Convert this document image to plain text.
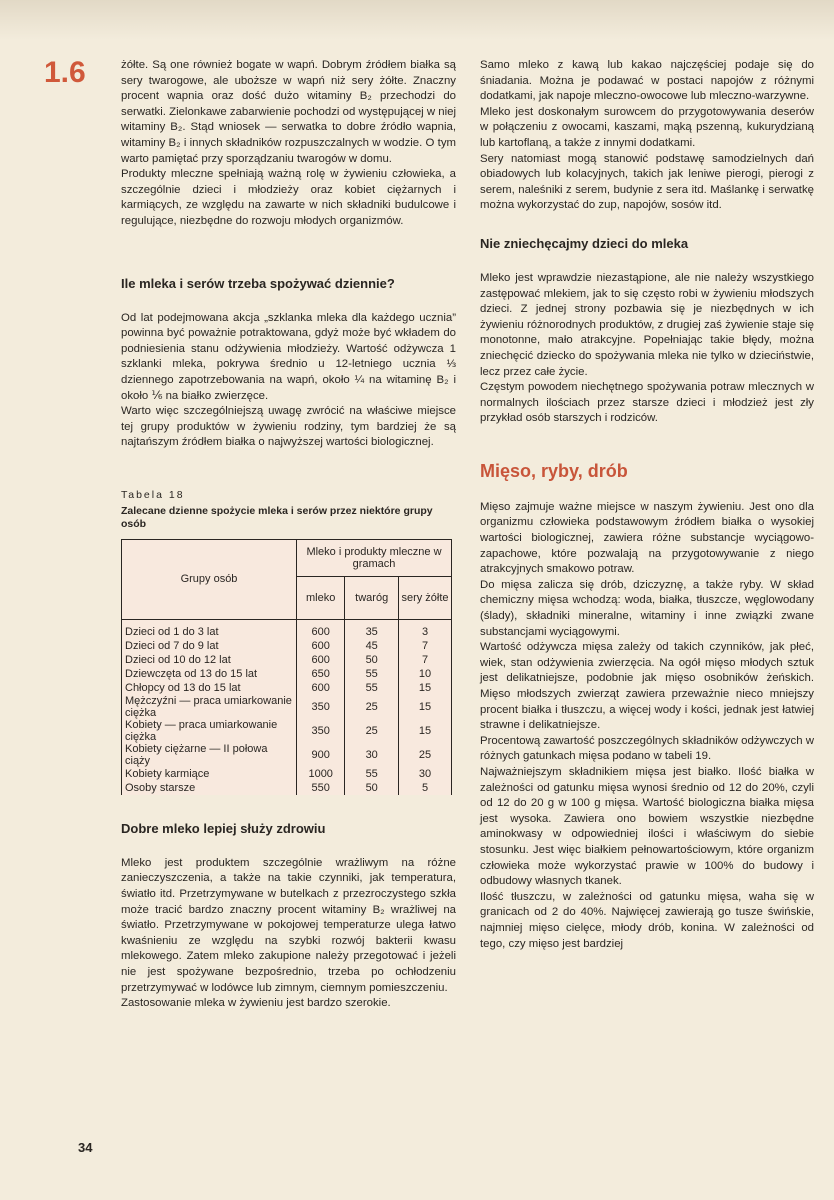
1.6	żółte. Są one również bogate w wapń. Dobrym źródłem białka są sery twarogowe, ale uboższe w wapń niż sery żółte. Znaczny procent wapnia oraz dość dużo witaminy B₂ przechodzi do serwatki. Zielonkawe zabarwienie pochodzi od występującej w niej witaminy B₂. Stąd wniosek — serwatka to dobre źródło wapnia, witaminy B₂ i innych składników rozpuszczalnych w wodzie. O tym warto pamiętać przy sporządzaniu twarogów w domu.

Produkty mleczne spełniają ważną rolę w żywieniu człowieka, a szczególnie dzieci i młodzieży oraz kobiet ciężarnych i karmiących, ze względu na zawarte w nich składniki budulcowe i regulujące, niezbędne do rozwoju młodych organizmów.

Ile mleka i serów trzeba spożywać dziennie?

Od lat podejmowana akcja „szklanka mleka dla każdego ucznia” powinna być poważnie potraktowana, gdyż może być wkładem do podniesienia stanu odżywienia młodzieży. Wartość odżywcza 1 szklanki mleka, pokrywa średnio u 12-letniego ucznia ⅓ dziennego zapotrzebowania na wapń, około ¼ na witaminę B₂ i około ⅙ na białko zwierzęce.

Warto więc szczególniejszą uwagę zwrócić na właściwe miejsce tej grupy produktów w żywieniu rodziny, tym bardziej że są najtańszym źródłem białka o najwyższej wartości biologicznej.

Tabela 18

Zalecane dzienne spożycie mleka i serów przez niektóre grupy osób

Grupy osób	Mleko i produkty mleczne w gramach		
	mleko	twaróg	sery żółte
Dzieci od 1 do 3 lat	600	35	3
Dzieci od 7 do 9 lat	600	45	7
Dzieci od 10 do 12 lat	600	50	7
Dziewczęta od 13 do 15 lat	650	55	10
Chłopcy od 13 do 15 lat	600	55	15
Mężczyźni — praca umiarkowanie ciężka	350	25	15
Kobiety — praca umiarkowanie ciężka	350	25	15
Kobiety ciężarne — II połowa ciąży	900	30	25
Kobiety karmiące	1000	55	30
Osoby starsze	550	50	5
Dobre mleko lepiej służy zdrowiu

Mleko jest produktem szczególnie wrażliwym na różne zanieczyszczenia, a także na takie czynniki, jak temperatura, światło itd. Przetrzymywane w butelkach z przezroczystego szkła może tracić bardzo znaczny procent witaminy B₂ wrażliwej na światło. Przetrzymywane w pokojowej temperaturze ulega łatwo kwaśnieniu ze względu na szybki rozwój bakterii kwasu mlekowego. Zatem mleko zakupione należy przegotować i jeżeli nie jest spożywane bezpośrednio, trzeba po ochłodzeniu przetrzymywać w lodówce lub zimnym, ciemnym pomieszczeniu.

Zastosowanie mleka w żywieniu jest bardzo szerokie.

Samo mleko z kawą lub kakao najczęściej podaje się do śniadania. Można je podawać w postaci napojów z różnymi dodatkami, jak napoje mleczno-owocowe lub mleczno-warzywne.

Mleko jest doskonałym surowcem do przygotowywania deserów w połączeniu z owocami, kaszami, mąką pszenną, kukurydzianą lub kartoflaną, a także z innymi dodatkami.

Sery natomiast mogą stanowić podstawę samodzielnych dań obiadowych lub kolacyjnych, takich jak leniwe pierogi, pierogi z serem, naleśniki z serem, budynie z sera itd. Maślankę i serwatkę można wykorzystać do zup, napojów, sosów itd.

Nie zniechęcajmy dzieci do mleka

Mleko jest wprawdzie niezastąpione, ale nie należy wszystkiego zastępować mlekiem, jak to się często robi w żywieniu młodszych dzieci. Z jednej strony pozbawia się je niezbędnych w ich żywieniu różnorodnych produktów, z drugiej zaś żywienie staje się monotonne, mało atrakcyjne. Popełniając takie błędy, można zniechęcić dziecko do spożywania mleka nie tylko w dzieciństwie, lecz przez całe życie.

Częstym powodem niechętnego spożywania potraw mlecznych w normalnych ilościach przez starsze dzieci i młodzież jest zły przykład osób starszych i rodziców.

Mięso, ryby, drób

Mięso zajmuje ważne miejsce w naszym żywieniu. Jest ono dla organizmu człowieka podstawowym źródłem białka o wysokiej wartości biologicznej, zawiera różne substancje wyciągowo-zapachowe, które pozwalają na przygotowywanie z niego atrakcyjnych smakowo potraw.

Do mięsa zalicza się drób, dziczyznę, a także ryby. W skład chemiczny mięsa wchodzą: woda, białka, tłuszcze, węglowodany (ślady), składniki mineralne, witaminy i inne związki zwane substancjami wyciągowymi.

Wartość odżywcza mięsa zależy od takich czynników, jak płeć, wiek, stan odżywienia zwierzęcia. Na ogół mięso młodych sztuk jest delikatniejsze, podobnie jak mięso osobników żeńskich. Mięso młodszych zwierząt zawiera przeważnie nieco mniejszy procent białka i tłuszczu, a więcej wody i kości, jednak jest łatwiej strawne i delikatniejsze.

Procentową zawartość poszczególnych składników odżywczych w różnych gatunkach mięsa podano w tabeli 19.

Najważniejszym składnikiem mięsa jest białko. Ilość białka w zależności od gatunku mięsa wynosi średnio od 12 do 20%, czyli od 12 do 20 g w 100 g mięsa. Wartość biologiczna białka mięsa jest wysoka. Zawiera ono bowiem wszystkie niezbędne aminokwasy w odpowiedniej ilości i właściwym do siebie stosunku. Jest więc białkiem pełnowartościowym, które organizm człowieka może wykorzystać prawie w 100% do budowy i odbudowy własnych tkanek.

Ilość tłuszczu, w zależności od gatunku mięsa, waha się w granicach od 2 do 40%. Najwięcej zawierają go tusze świńskie, najmniej mięso cielęce, młody drób, konina. W zależności od tego, czy mięso jest bardziej

34
